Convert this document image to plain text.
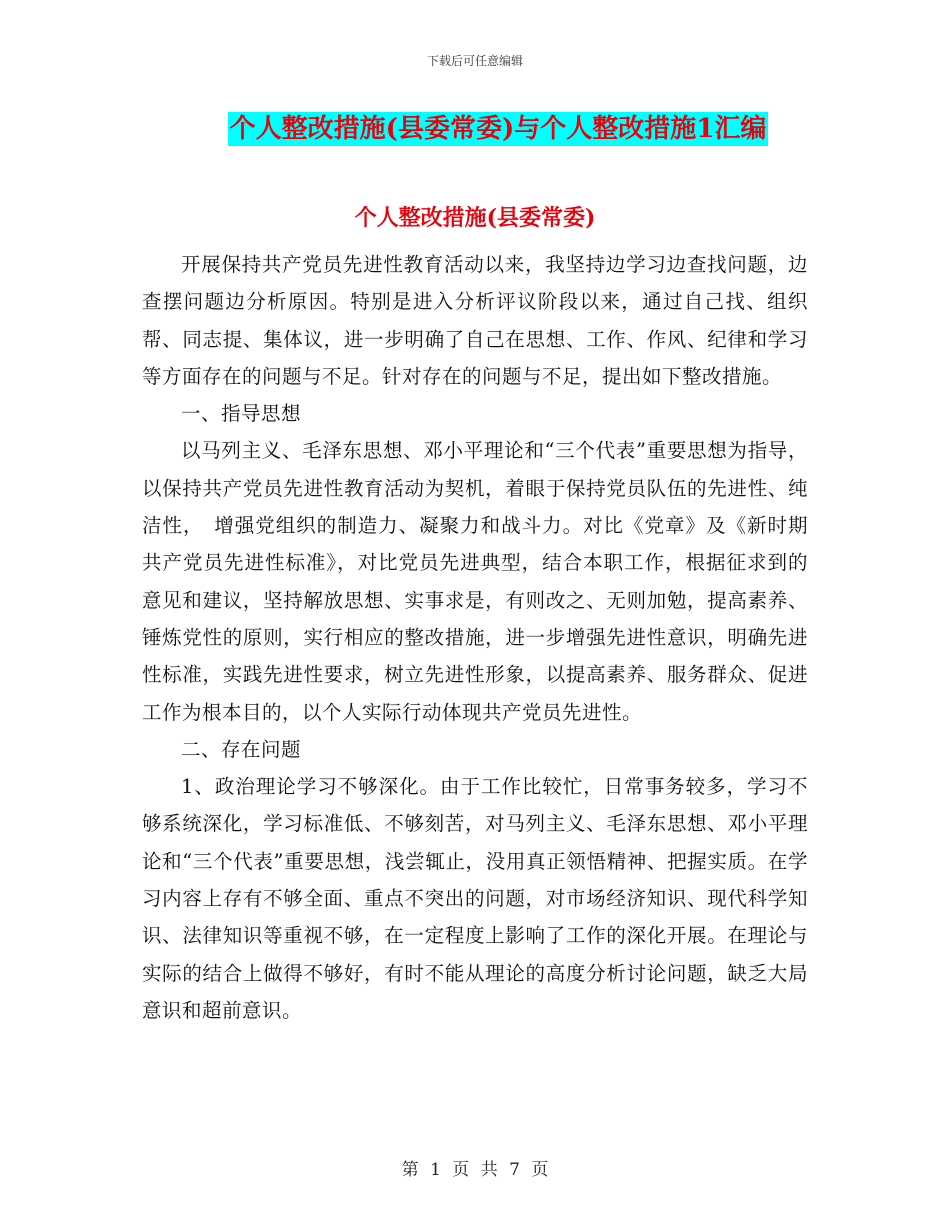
下载后可任意编辑
个人整改措施(县委常委)与个人整改措施1汇编
个人整改措施(县委常委)

开展保持共产党员先进性教育活动以来，我坚持边学习边查找问题，边查摆问题边分析原因。特别是进入分析评议阶段以来，通过自己找、组织帮、同志提、集体议，进一步明确了自己在思想、工作、作风、纪律和学习等方面存在的问题与不足。针对存在的问题与不足，提出如下整改措施。

一、指导思想

以马列主义、毛泽东思想、邓小平理论和“三个代表”重要思想为指导，以保持共产党员先进性教育活动为契机，着眼于保持党员队伍的先进性、纯洁性，　增强党组织的制造力、凝聚力和战斗力。对比《党章》及《新时期共产党员先进性标准》，对比党员先进典型，结合本职工作，根据征求到的意见和建议，坚持解放思想、实事求是，有则改之、无则加勉，提高素养、锤炼党性的原则，实行相应的整改措施，进一步增强先进性意识，明确先进性标准，实践先进性要求，树立先进性形象，以提高素养、服务群众、促进工作为根本目的，以个人实际行动体现共产党员先进性。

二、存在问题

1、政治理论学习不够深化。由于工作比较忙，日常事务较多，学习不够系统深化，学习标准低、不够刻苦，对马列主义、毛泽东思想、邓小平理论和“三个代表”重要思想，浅尝辄止，没用真正领悟精神、把握实质。在学习内容上存有不够全面、重点不突出的问题，对市场经济知识、现代科学知识、法律知识等重视不够，在一定程度上影响了工作的深化开展。在理论与实际的结合上做得不够好，有时不能从理论的高度分析讨论问题，缺乏大局意识和超前意识。

第 1 页 共 7 页
